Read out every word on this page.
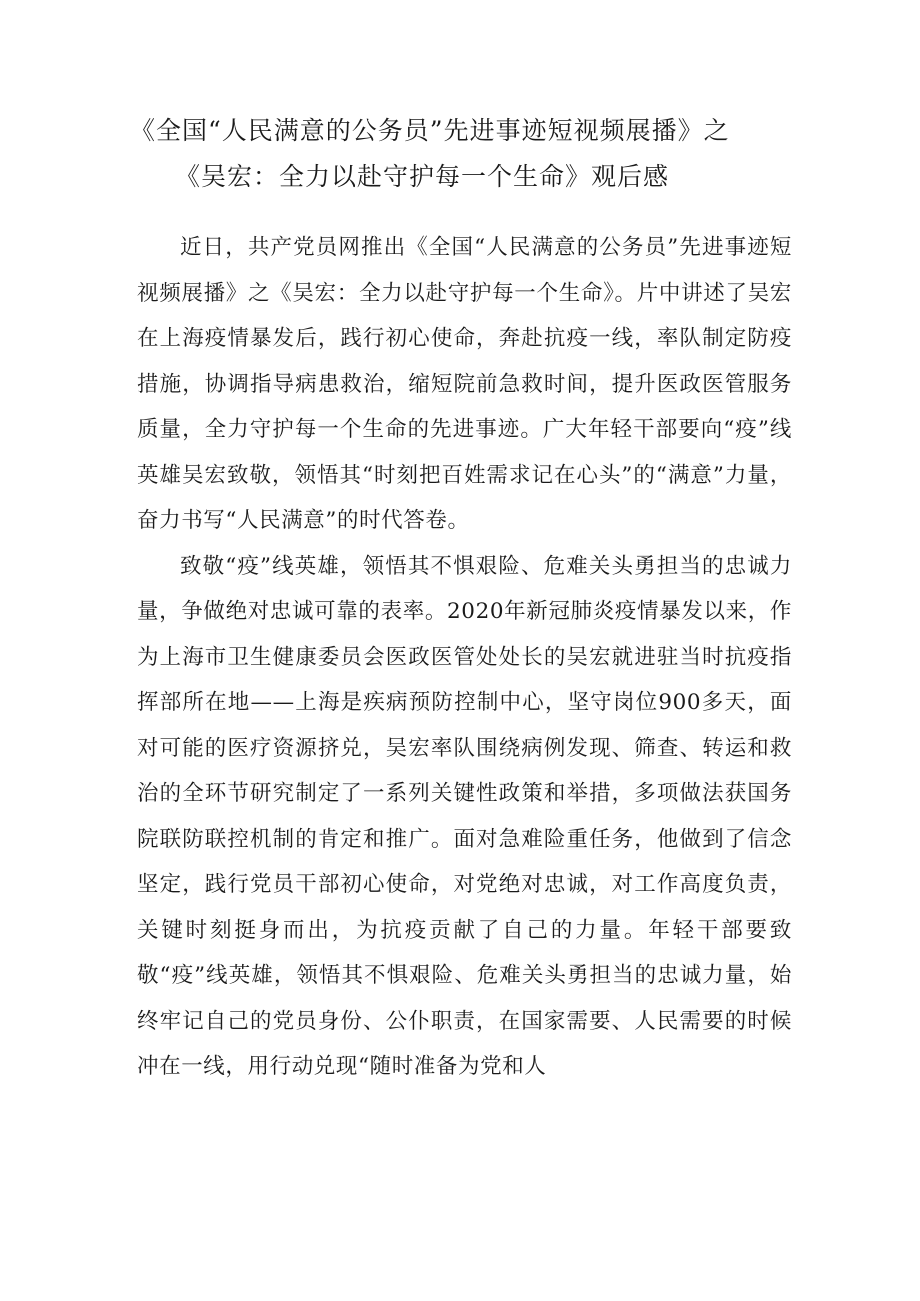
《全国“人民满意的公务员”先进事迹短视频展播》之
《吴宏：全力以赴守护每一个生命》观后感

近日，共产党员网推出《全国“人民满意的公务员”先进事迹短视频展播》之《吴宏：全力以赴守护每一个生命》。片中讲述了吴宏在上海疫情暴发后，践行初心使命，奔赴抗疫一线，率队制定防疫措施，协调指导病患救治，缩短院前急救时间，提升医政医管服务质量，全力守护每一个生命的先进事迹。广大年轻干部要向“疫”线英雄吴宏致敬，领悟其“时刻把百姓需求记在心头”的“满意”力量，奋力书写“人民满意”的时代答卷。

致敬“疫”线英雄，领悟其不惧艰险、危难关头勇担当的忠诚力量，争做绝对忠诚可靠的表率。2020年新冠肺炎疫情暴发以来，作为上海市卫生健康委员会医政医管处处长的吴宏就进驻当时抗疫指挥部所在地——上海是疾病预防控制中心，坚守岗位900多天，面对可能的医疗资源挤兑，吴宏率队围绕病例发现、筛查、转运和救治的全环节研究制定了一系列关键性政策和举措，多项做法获国务院联防联控机制的肯定和推广。面对急难险重任务，他做到了信念坚定，践行党员干部初心使命，对党绝对忠诚，对工作高度负责，关键时刻挺身而出，为抗疫贡献了自己的力量。年轻干部要致敬“疫”线英雄，领悟其不惧艰险、危难关头勇担当的忠诚力量，始终牢记自己的党员身份、公仆职责，在国家需要、人民需要的时候冲在一线，用行动兑现“随时准备为党和人
